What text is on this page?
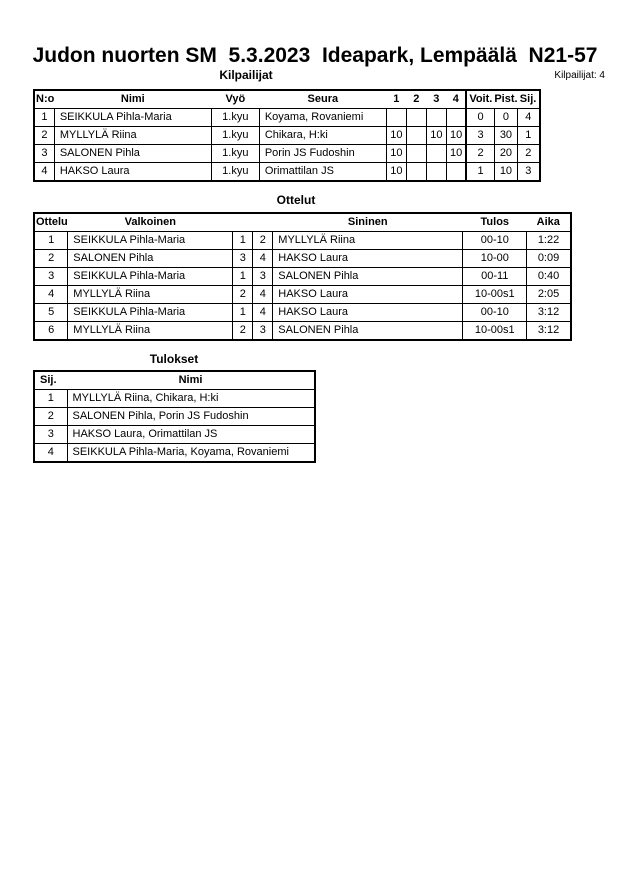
Judon nuorten SM  5.3.2023  Ideapark, Lempäälä  N21-57
Kilpailijat	Kilpailijat: 4
N:o	Nimi	Vyö	Seura	1	2	3	4	Voit.	Pist.	Sij.
1	SEIKKULA Pihla-Maria	1.kyu	Koyama, Rovaniemi					0	0	4
2	MYLLYLÄ Riina	1.kyu	Chikara, H:ki	10		10	10	3	30	1
3	SALONEN Pihla	1.kyu	Porin JS Fudoshin	10			10	2	20	2
4	HAKSO Laura	1.kyu	Orimattilan JS	10				1	10	3
Ottelut
Ottelu	Valkoinen			Sininen	Tulos	Aika
1	SEIKKULA Pihla-Maria	1	2	MYLLYLÄ Riina	00-10	1:22
2	SALONEN Pihla	3	4	HAKSO Laura	10-00	0:09
3	SEIKKULA Pihla-Maria	1	3	SALONEN Pihla	00-11	0:40
4	MYLLYLÄ Riina	2	4	HAKSO Laura	10-00s1	2:05
5	SEIKKULA Pihla-Maria	1	4	HAKSO Laura	00-10	3:12
6	MYLLYLÄ Riina	2	3	SALONEN Pihla	10-00s1	3:12
Tulokset
Sij.	Nimi
1	MYLLYLÄ Riina, Chikara, H:ki
2	SALONEN Pihla, Porin JS Fudoshin
3	HAKSO Laura, Orimattilan JS
4	SEIKKULA Pihla-Maria, Koyama, Rovaniemi
